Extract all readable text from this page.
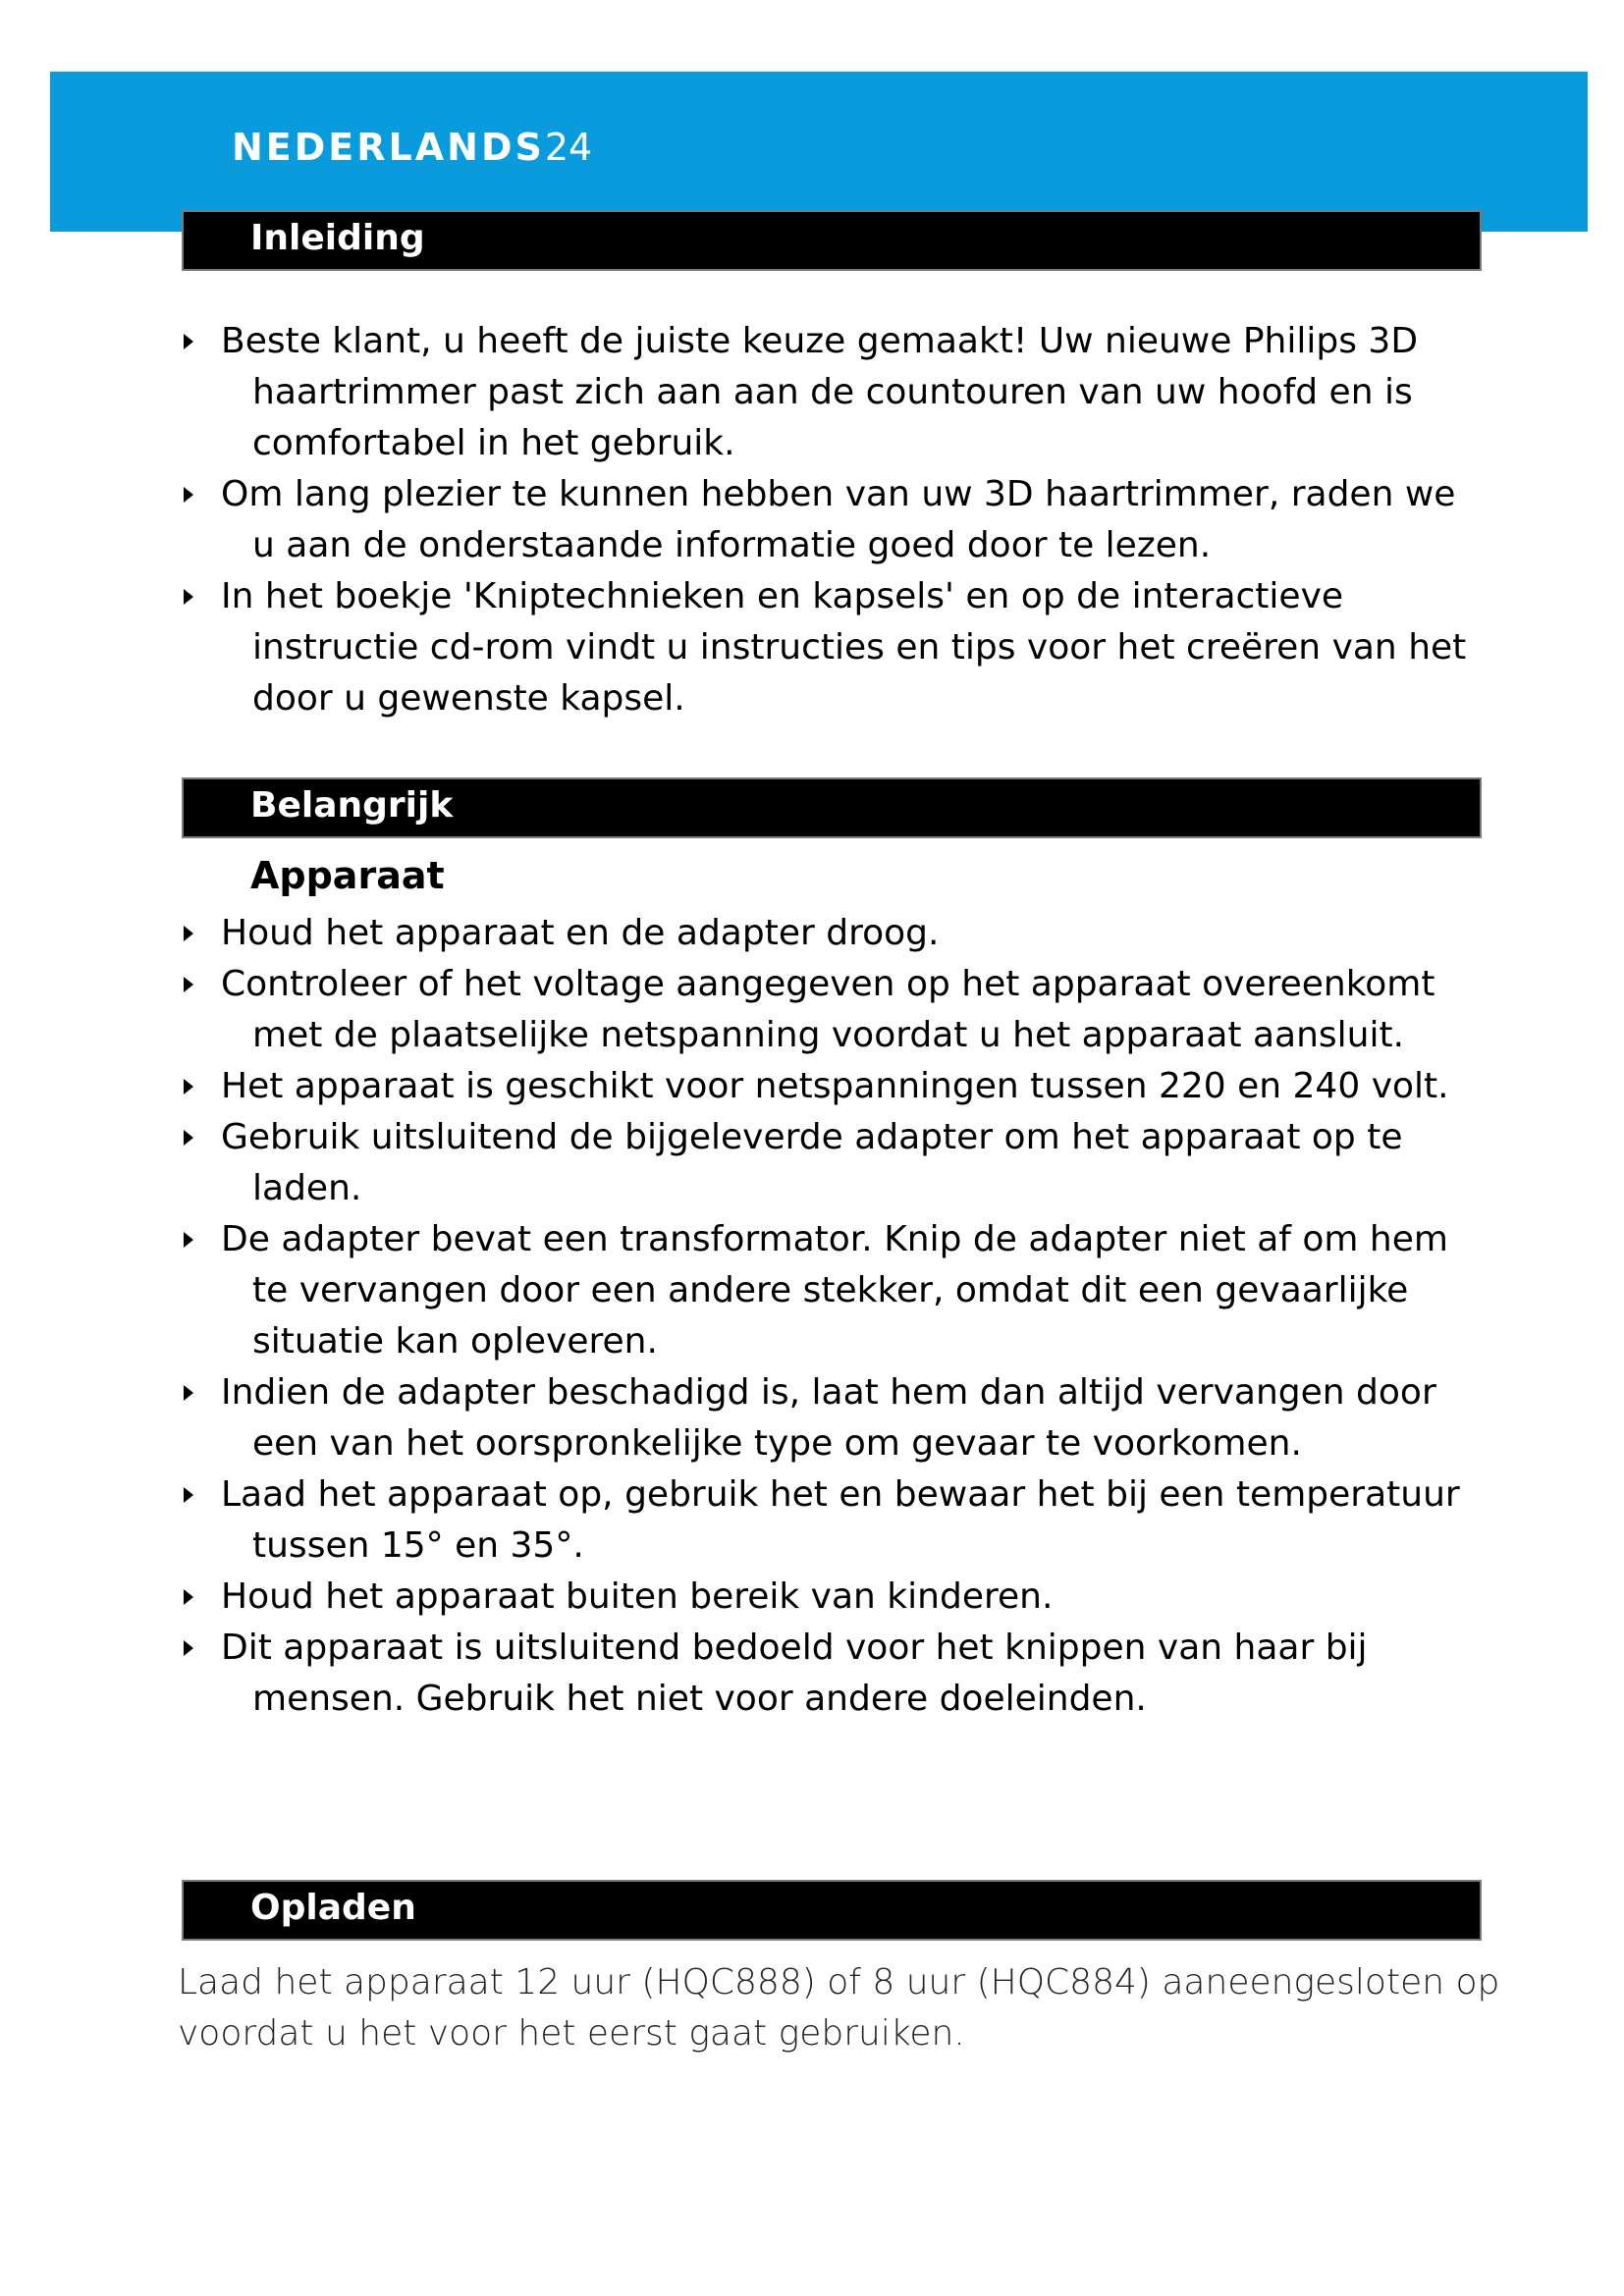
NEDERLANDS24
Inleiding
Beste klant, u heeft de juiste keuze gemaakt! Uw nieuwe Philips 3D haartrimmer past zich aan aan de countouren van uw hoofd en is comfortabel in het gebruik.
Om lang plezier te kunnen hebben van uw 3D haartrimmer, raden we u aan de onderstaande informatie goed door te lezen.
In het boekje 'Kniptechnieken en kapsels' en op de interactieve instructie cd-rom vindt u instructies en tips voor het creëren van het door u gewenste kapsel.
Belangrijk
Apparaat
Houd het apparaat en de adapter droog.
Controleer of het voltage aangegeven op het apparaat overeenkomt met de plaatselijke netspanning voordat u het apparaat aansluit.
Het apparaat is geschikt voor netspanningen tussen 220 en 240 volt.
Gebruik uitsluitend de bijgeleverde adapter om het apparaat op te laden.
De adapter bevat een transformator. Knip de adapter niet af om hem te vervangen door een andere stekker, omdat dit een gevaarlijke situatie kan opleveren.
Indien de adapter beschadigd is, laat hem dan altijd vervangen door een van het oorspronkelijke type om gevaar te voorkomen.
Laad het apparaat op, gebruik het en bewaar het bij een temperatuur tussen 15° en 35°.
Houd het apparaat buiten bereik van kinderen.
Dit apparaat is uitsluitend bedoeld voor het knippen van haar bij mensen. Gebruik het niet voor andere doeleinden.
Opladen

Laad het apparaat 12 uur (HQC888) of 8 uur (HQC884) aaneengesloten op voordat u het voor het eerst gaat gebruiken.
